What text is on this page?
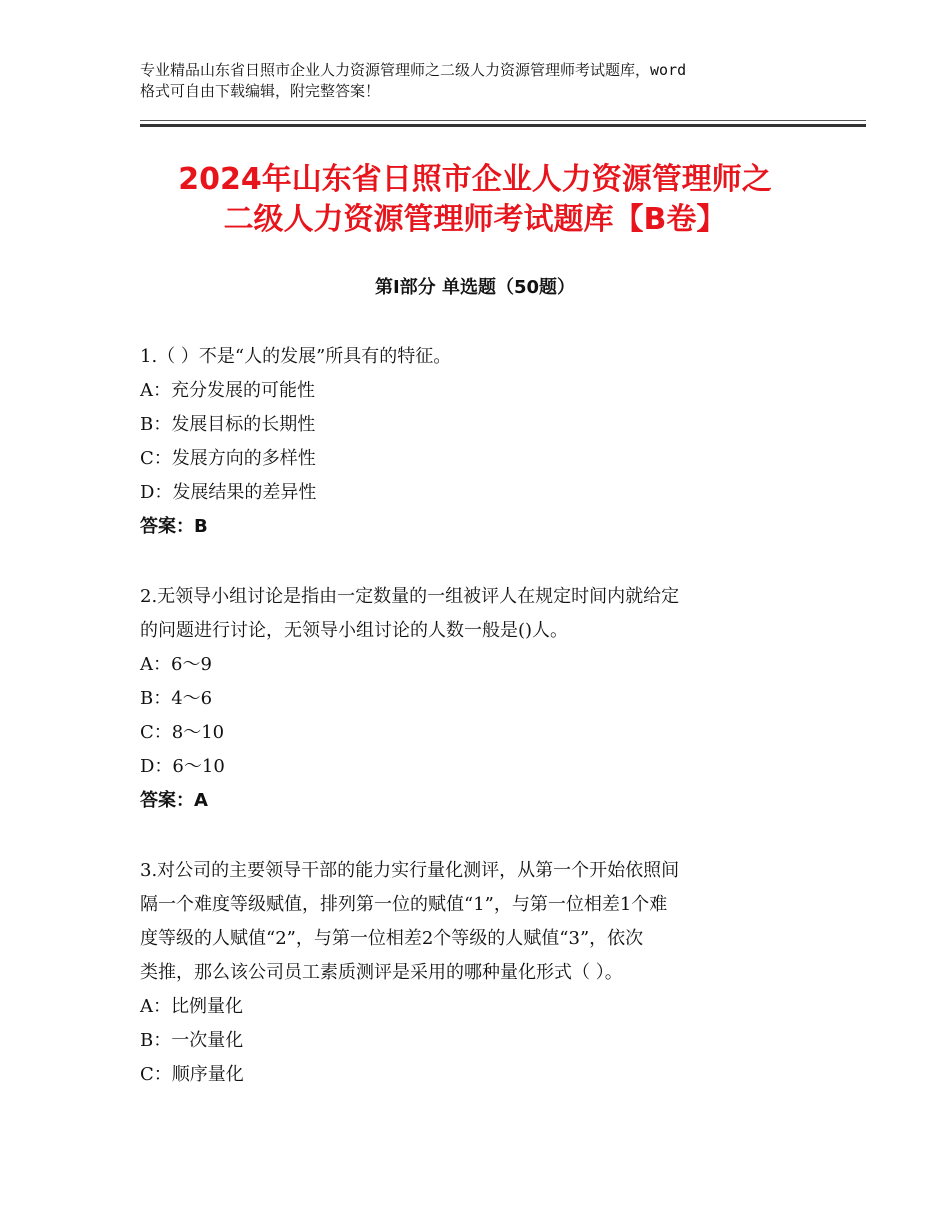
专业精品山东省日照市企业人力资源管理师之二级人力资源管理师考试题库，word
格式可自由下载编辑，附完整答案！
2024年山东省日照市企业人力资源管理师之
二级人力资源管理师考试题库【B卷】
第Ⅰ部分 单选题（50题）
1.（ ）不是“人的发展”所具有的特征。
A：充分发展的可能性
B：发展目标的长期性
C：发展方向的多样性
D：发展结果的差异性
答案：B
2.无领导小组讨论是指由一定数量的一组被评人在规定时间内就给定
的问题进行讨论，无领导小组讨论的人数一般是()人。
A：6～9
B：4～6
C：8～10
D：6～10
答案：A
3.对公司的主要领导干部的能力实行量化测评，从第一个开始依照间
隔一个难度等级赋值，排列第一位的赋值“1”，与第一位相差1个难
度等级的人赋值“2”，与第一位相差2个等级的人赋值“3”，依次
类推，那么该公司员工素质测评是采用的哪种量化形式（ ）。
A：比例量化
B：一次量化
C：顺序量化
